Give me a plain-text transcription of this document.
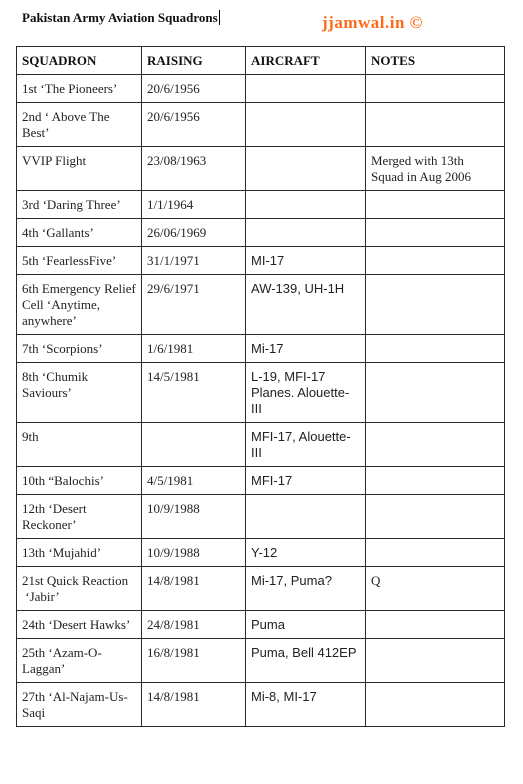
Pakistan Army Aviation Squadrons	jjamwal.in ©
SQUADRON	RAISING	AIRCRAFT	NOTES
1st ‘The Pioneers’	20/6/1956		
2nd ‘ Above The Best’	20/6/1956		
VVIP Flight	23/08/1963		Merged with 13th Squad in Aug 2006
3rd ‘Daring Three’	1/1/1964		
4th ‘Gallants’	26/06/1969		
5th ‘FearlessFive’	31/1/1971	MI-17	
6th Emergency Relief Cell ‘Anytime, anywhere’	29/6/1971	AW-139, UH-1H	
7th ‘Scorpions’	1/6/1981	Mi-17	
8th ‘Chumik Saviours’	14/5/1981	L-19, MFI-17 Planes. Alouette-III	
9th		MFI-17, Alouette-III	
10th “Balochis’	4/5/1981	MFI-17	
12th ‘Desert Reckoner’	10/9/1988		
13th ‘Mujahid’	10/9/1988	Y-12	
21st Quick Reaction  ‘Jabir’	14/8/1981	Mi-17, Puma?	Q
24th ‘Desert Hawks’	24/8/1981	Puma	
25th ‘Azam-O-Laggan’	16/8/1981	Puma, Bell 412EP	
27th ‘Al-Najam-Us-Saqi	14/8/1981	Mi-8, MI-17	
